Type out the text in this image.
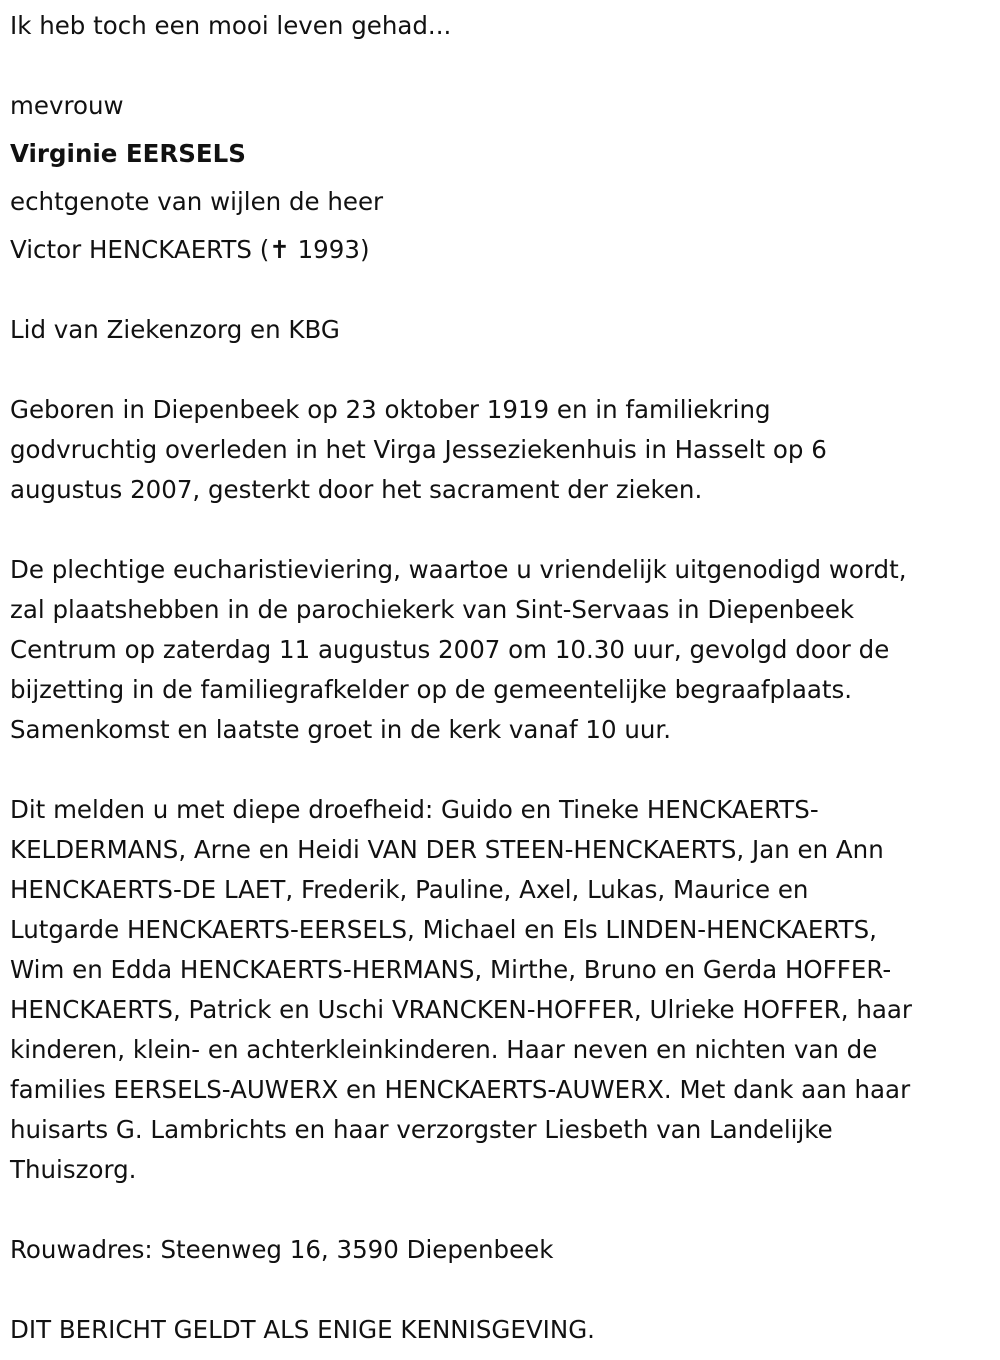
Ik heb toch een mooi leven gehad...
mevrouw
Virginie EERSELS
echtgenote van wijlen de heer
Victor HENCKAERTS (✝ 1993)
Lid van Ziekenzorg en KBG
Geboren in Diepenbeek op 23 oktober 1919 en in familiekring
godvruchtig overleden in het Virga Jesseziekenhuis in Hasselt op 6
augustus 2007, gesterkt door het sacrament der zieken.
De plechtige eucharistieviering, waartoe u vriendelijk uitgenodigd wordt,
zal plaatshebben in de parochiekerk van Sint-Servaas in Diepenbeek
Centrum op zaterdag 11 augustus 2007 om 10.30 uur, gevolgd door de
bijzetting in de familiegrafkelder op de gemeentelijke begraafplaats.
Samenkomst en laatste groet in de kerk vanaf 10 uur.
Dit melden u met diepe droefheid: Guido en Tineke HENCKAERTS-
KELDERMANS, Arne en Heidi VAN DER STEEN-HENCKAERTS, Jan en Ann
HENCKAERTS-DE LAET, Frederik, Pauline, Axel, Lukas, Maurice en
Lutgarde HENCKAERTS-EERSELS, Michael en Els LINDEN-HENCKAERTS,
Wim en Edda HENCKAERTS-HERMANS, Mirthe, Bruno en Gerda HOFFER-
HENCKAERTS, Patrick en Uschi VRANCKEN-HOFFER, Ulrieke HOFFER, haar
kinderen, klein- en achterkleinkinderen. Haar neven en nichten van de
families EERSELS-AUWERX en HENCKAERTS-AUWERX. Met dank aan haar
huisarts G. Lambrichts en haar verzorgster Liesbeth van Landelijke
Thuiszorg.
Rouwadres: Steenweg 16, 3590 Diepenbeek
DIT BERICHT GELDT ALS ENIGE KENNISGEVING.
